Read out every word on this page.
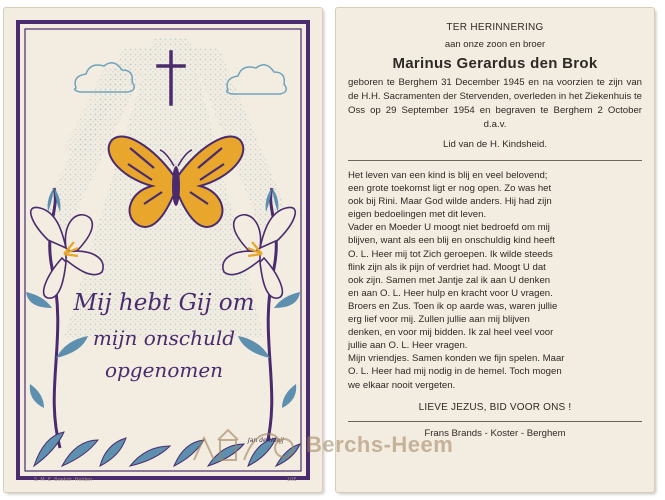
Mij hebt Gij om
mijn onschuld
opgenomen
Jan de Nooij
S. M. E. Boekdr. Helden	10E
TER HERINNERING
aan onze zoon en broer
Marinus Gerardus den Brok
geboren te Berghem 31 December 1945 en na voorzien te zijn van de H.H. Sacramenten der Stervenden, overleden in het Ziekenhuis te Oss op 29 September 1954 en begraven te Berghem 2 October d.a.v.
Lid van de H. Kindsheid.

Het leven van een kind is blij en veel belovend;

een grote toekomst ligt er nog open. Zo was het

ook bij Rini. Maar God wilde anders. Hij had zijn

eigen bedoelingen met dit leven.

Vader en Moeder U moogt niet bedroefd om mij

blijven, want als een blij en onschuldig kind heeft

O. L. Heer mij tot Zich geroepen. Ik wilde steeds

flink zijn als ik pijn of verdriet had. Moogt U dat

ook zijn. Samen met Jantje zal ik aan U denken

en aan O. L. Heer hulp en kracht voor U vragen.

Broers en Zus. Toen ik op aarde was, waren jullie

erg lief voor mij. Zullen jullie aan mij blijven

denken, en voor mij bidden. Ik zal heel veel voor

jullie aan O. L. Heer vragen.

Mijn vriendjes. Samen konden we fijn spelen. Maar

O. L. Heer had mij nodig in de hemel. Toch mogen

we elkaar nooit vergeten.

LIEVE JEZUS, BID VOOR ONS !
Frans Brands - Koster - Berghem
Berchs-Heem
